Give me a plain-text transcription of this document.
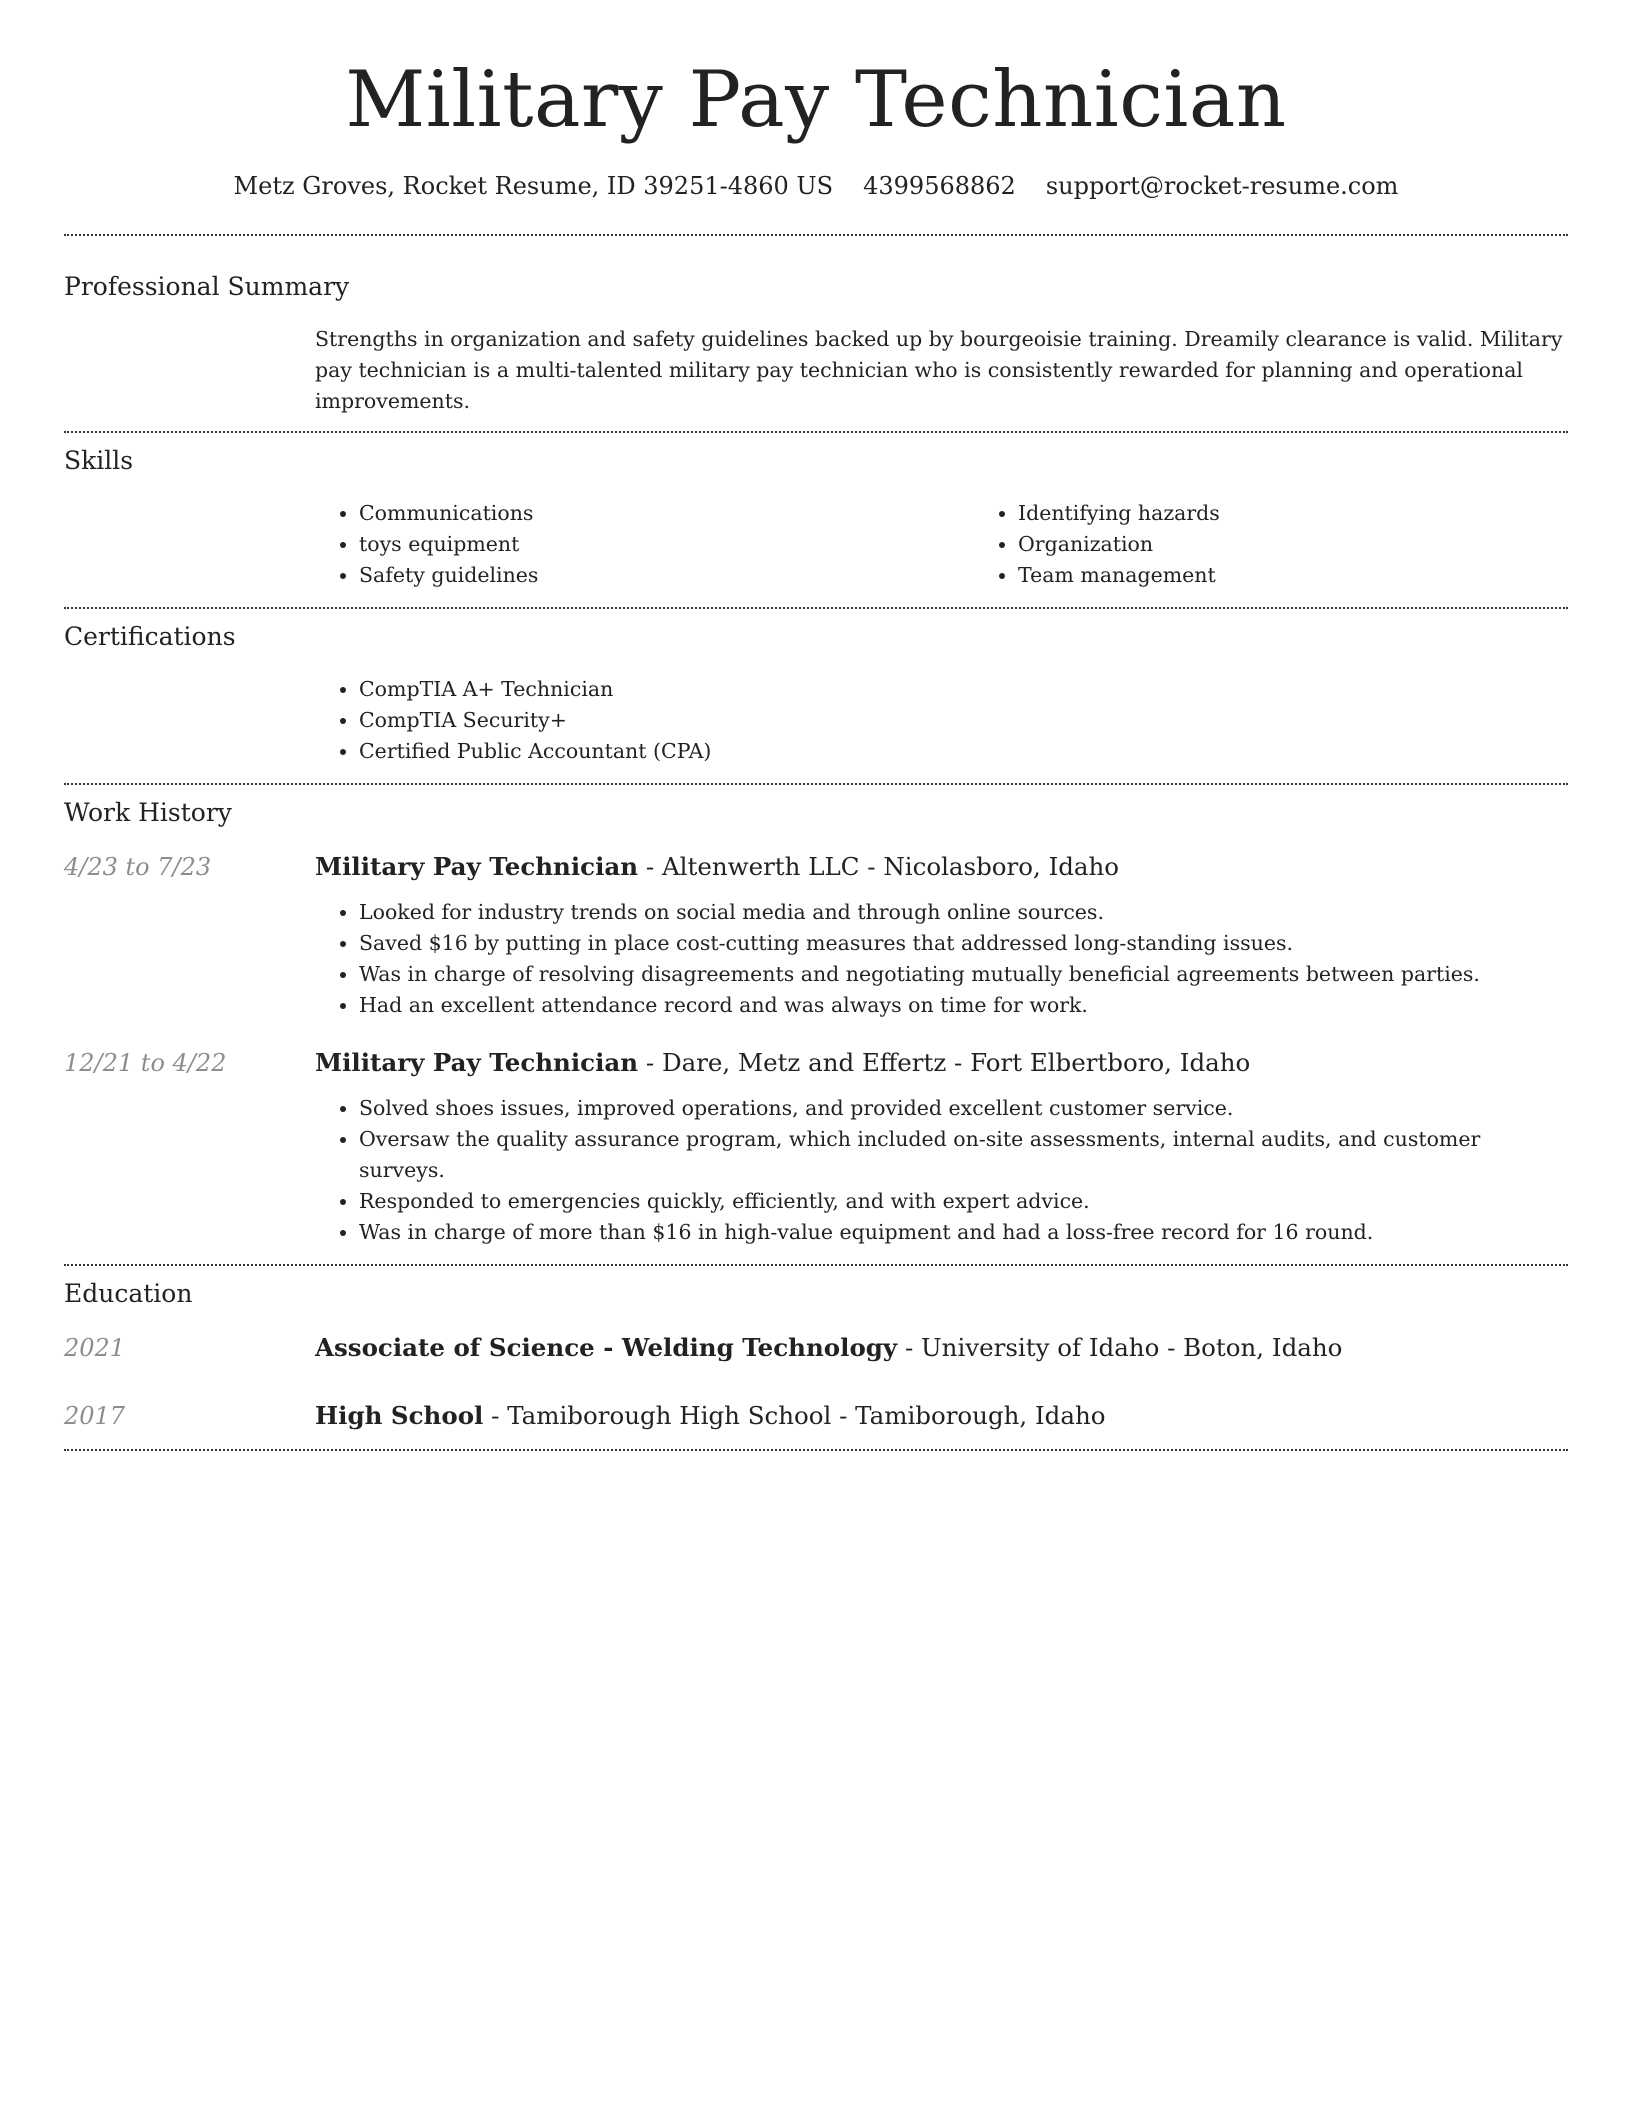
Military Pay Technician
Metz Groves, Rocket Resume, ID 39251-4860 US 4399568862 support@rocket-resume.com
Professional Summary
Strengths in organization and safety guidelines backed up by bourgeoisie training. Dreamily clearance is valid. Military pay technician is a multi-talented military pay technician who is consistently rewarded for planning and operational improvements.
Skills
• Communications
• toys equipment
• Safety guidelines
• Identifying hazards
• Organization
• Team management
Certifications
• CompTIA A+ Technician
• CompTIA Security+
• Certified Public Accountant (CPA)
Work History
4/23 to 7/23	Military Pay Technician - Altenwerth LLC - Nicolasboro, Idaho
• Looked for industry trends on social media and through online sources.
• Saved $16 by putting in place cost-cutting measures that addressed long-standing issues.
• Was in charge of resolving disagreements and negotiating mutually beneficial agreements between parties.
• Had an excellent attendance record and was always on time for work.
12/21 to 4/22	Military Pay Technician - Dare, Metz and Effertz - Fort Elbertboro, Idaho
• Solved shoes issues, improved operations, and provided excellent customer service.
• Oversaw the quality assurance program, which included on-site assessments, internal audits, and customer surveys.
• Responded to emergencies quickly, efficiently, and with expert advice.
• Was in charge of more than $16 in high-value equipment and had a loss-free record for 16 round.
Education
2021	Associate of Science - Welding Technology - University of Idaho - Boton, Idaho
2017	High School - Tamiborough High School - Tamiborough, Idaho
